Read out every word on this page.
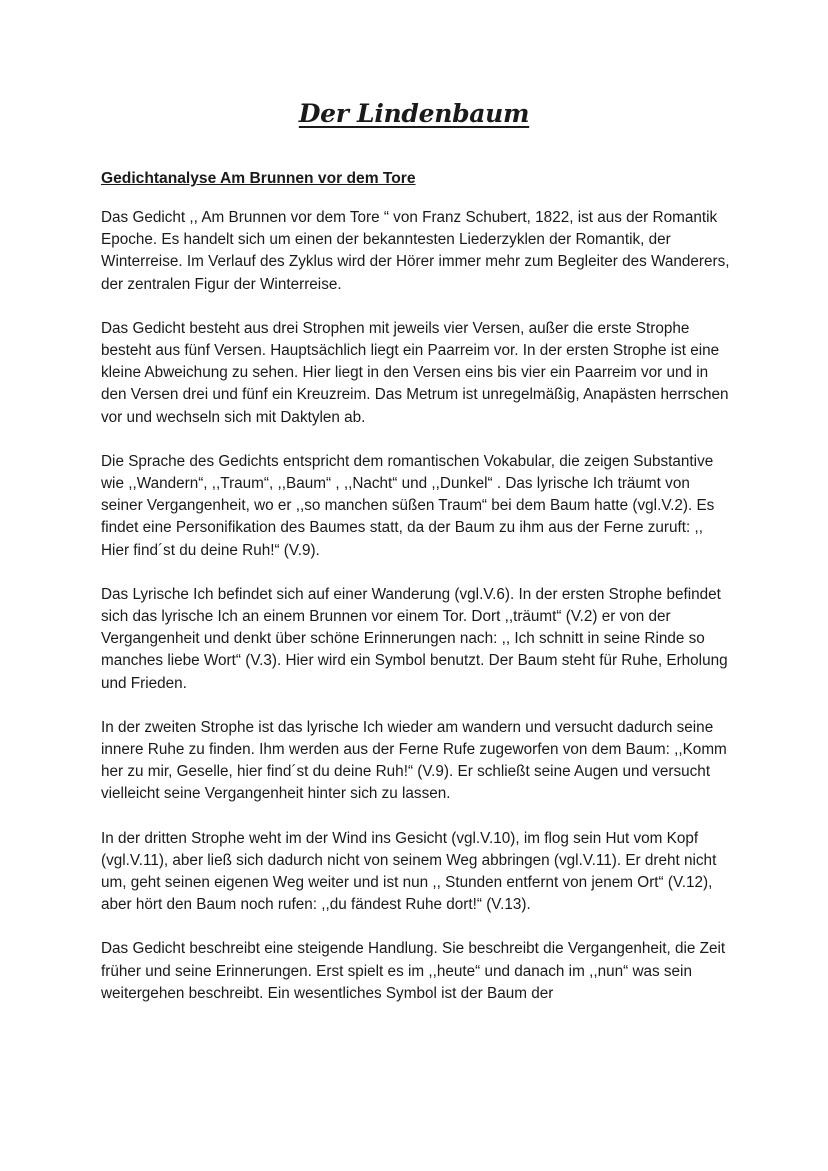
Der Lindenbaum

Gedichtanalyse Am Brunnen vor dem Tore

Das Gedicht ,, Am Brunnen vor dem Tore “ von Franz Schubert, 1822, ist aus der Romantik Epoche. Es handelt sich um einen der bekanntesten Liederzyklen der Romantik, der Winterreise. Im Verlauf des Zyklus wird der Hörer immer mehr zum Begleiter des Wanderers, der zentralen Figur der Winterreise.

Das Gedicht besteht aus drei Strophen mit jeweils vier Versen, außer die erste Strophe besteht aus fünf Versen. Hauptsächlich liegt ein Paarreim vor. In der ersten Strophe ist eine kleine Abweichung zu sehen. Hier liegt in den Versen eins bis vier ein Paarreim vor und in den Versen drei und fünf ein Kreuzreim. Das Metrum ist unregelmäßig, Anapästen herrschen vor und wechseln sich mit Daktylen ab.

Die Sprache des Gedichts entspricht dem romantischen Vokabular, die zeigen Substantive wie ,,Wandern“, ,,Traum“, ,,Baum“ , ,,Nacht“ und ,,Dunkel“ . Das lyrische Ich träumt von seiner Vergangenheit, wo er ,,so manchen süßen Traum“ bei dem Baum hatte (vgl.V.2). Es findet eine Personifikation des Baumes statt, da der Baum zu ihm aus der Ferne zuruft: ,, Hier find´st du deine Ruh!“ (V.9).

Das Lyrische Ich befindet sich auf einer Wanderung (vgl.V.6). In der ersten Strophe befindet sich das lyrische Ich an einem Brunnen vor einem Tor. Dort ,,träumt“ (V.2) er von der Vergangenheit und denkt über schöne Erinnerungen nach: ,, Ich schnitt in seine Rinde so manches liebe Wort“ (V.3). Hier wird ein Symbol benutzt. Der Baum steht für Ruhe, Erholung und Frieden.

In der zweiten Strophe ist das lyrische Ich wieder am wandern und versucht dadurch seine innere Ruhe zu finden. Ihm werden aus der Ferne Rufe zugeworfen von dem Baum: ,,Komm her zu mir, Geselle, hier find´st du deine Ruh!“ (V.9). Er schließt seine Augen und versucht vielleicht seine Vergangenheit hinter sich zu lassen.

In der dritten Strophe weht im der Wind ins Gesicht (vgl.V.10), im flog sein Hut vom Kopf (vgl.V.11), aber ließ sich dadurch nicht von seinem Weg abbringen (vgl.V.11). Er dreht nicht um, geht seinen eigenen Weg weiter und ist nun ,, Stunden entfernt von jenem Ort“ (V.12), aber hört den Baum noch rufen: ,,du fändest Ruhe dort!“ (V.13).

Das Gedicht beschreibt eine steigende Handlung. Sie beschreibt die Vergangenheit, die Zeit früher und seine Erinnerungen. Erst spielt es im ,,heute“ und danach im ,,nun“ was sein weitergehen beschreibt. Ein wesentliches Symbol ist der Baum der
